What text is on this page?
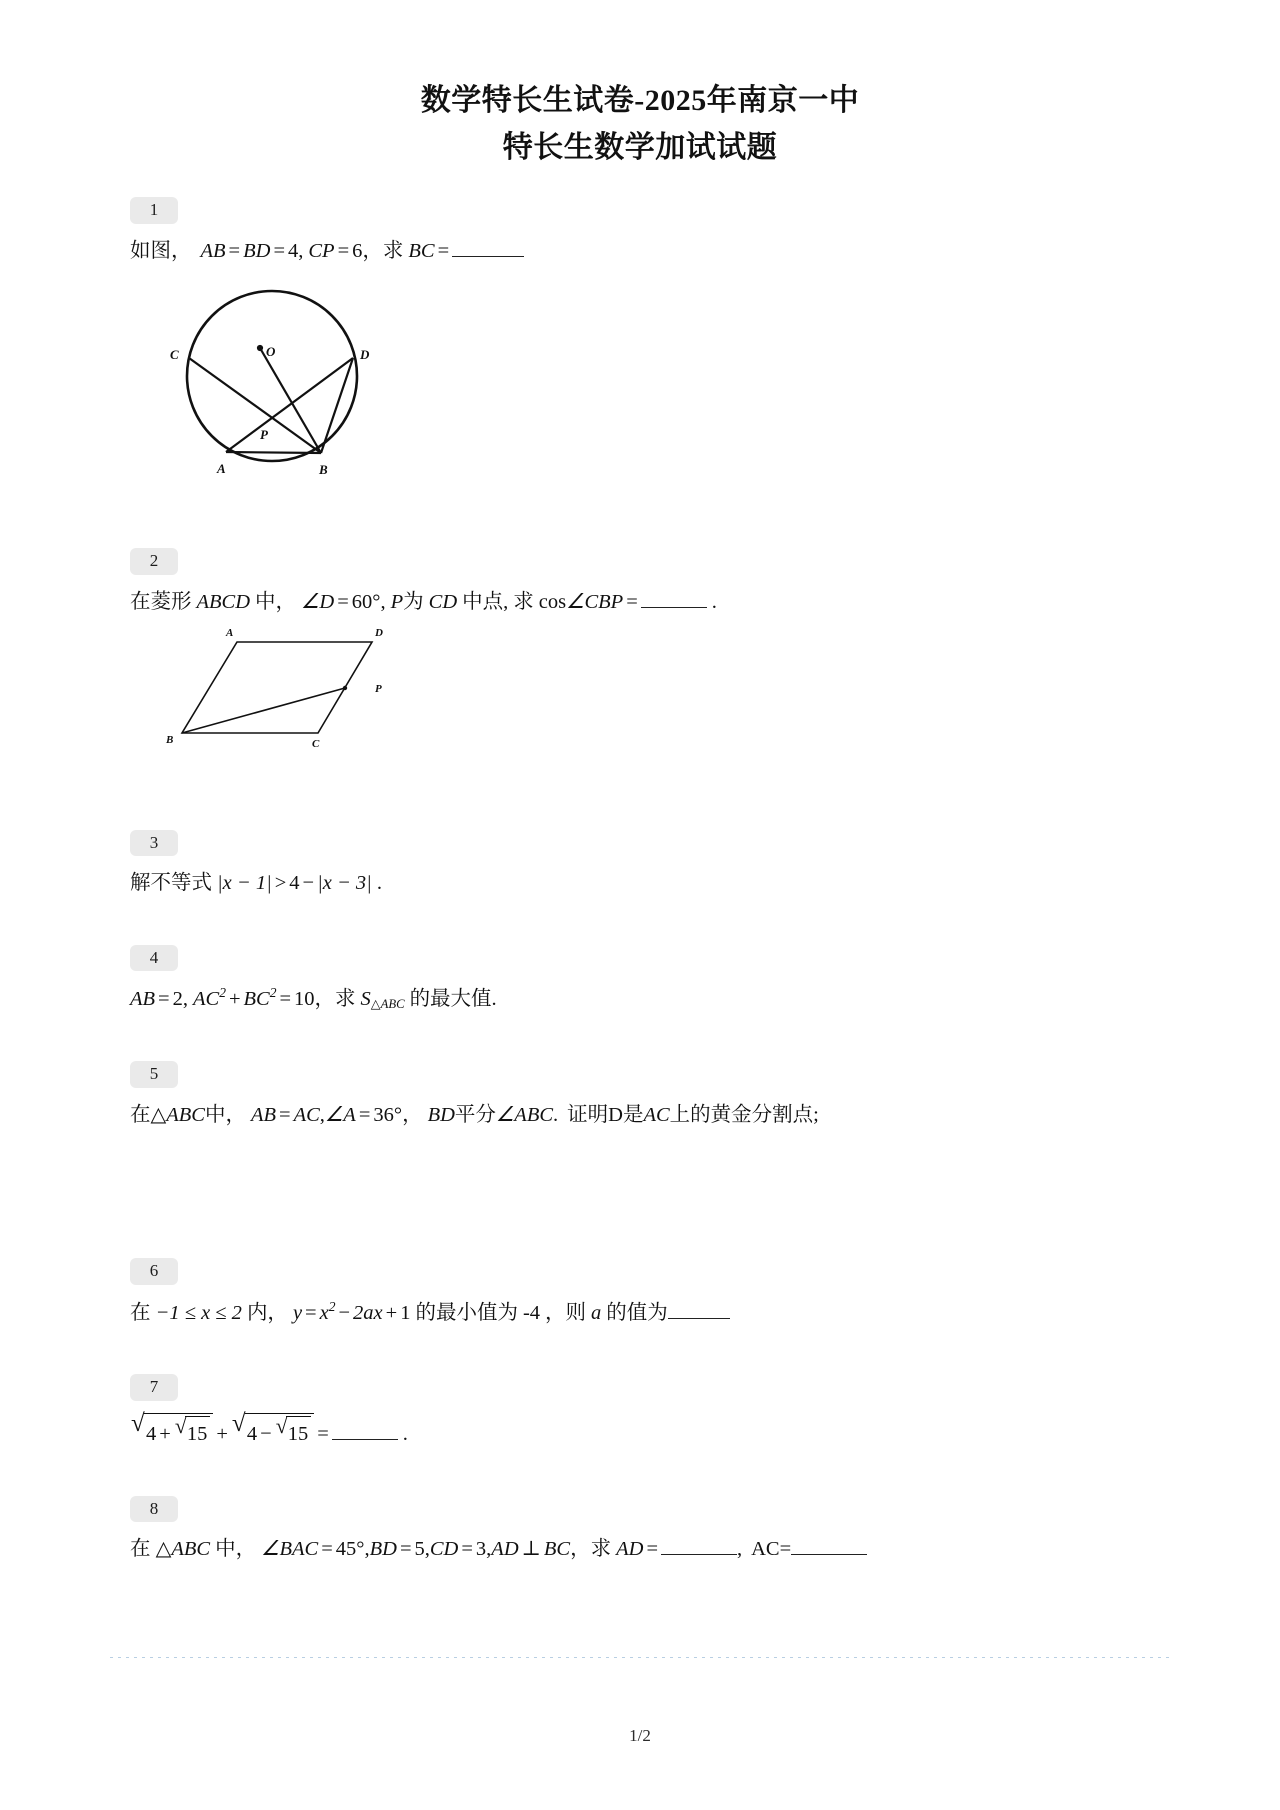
数学特长生试卷-2025年南京一中
特长生数学加试试题
1
如图， AB = BD = 4, CP = 6，求 BC =
C	O	D
P
A	B
2
在菱形 ABCD 中， ∠D = 60°, P为 CD 中点, 求 cos∠CBP =	.
A	D
P
B	C
3
解不等式 |x − 1| > 4 − |x − 3| .
4
AB = 2, $AC^2 + BC^2 = 10$，求 $S_{\triangle ABC}$ 的最大值.
5
在△ABC中， AB = AC,∠A = 36°， BD平分∠ABC. 证明D是AC上的黄金分割点;
6
在 −1 ≤ x ≤ 2 内， $y = x^2 - 2ax + 1$ 的最小值为 -4 ，则 a 的值为
7
√ 4 + √ 15 + √ 4 − √ 15 =	.
8
在 △ABC 中， ∠BAC = 45°,BD = 5,CD = 3,AD ⊥ BC，求 AD =	, AC=
1/2
